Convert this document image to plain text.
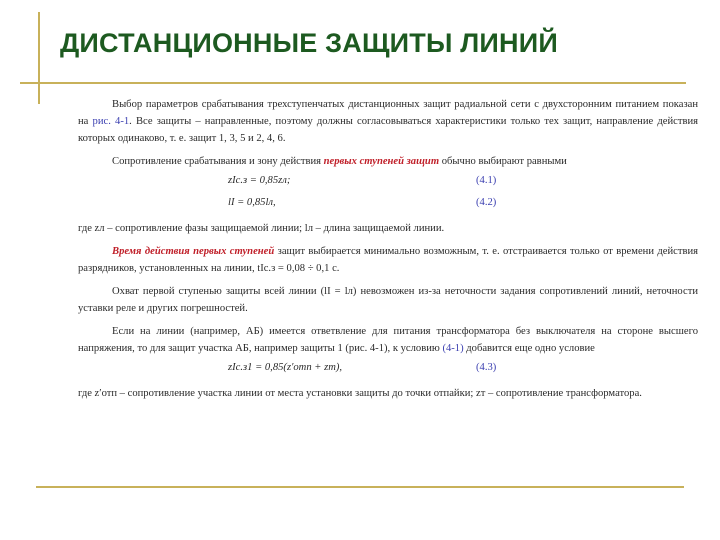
ДИСТАНЦИОННЫЕ ЗАЩИТЫ ЛИНИЙ
Выбор параметров срабатывания трехступенчатых дистанционных защит радиальной сети с двухсторонним питанием показан на рис. 4-1. Все защиты – направленные, поэтому должны согласовываться характеристики только тех защит, направление действия которых одинаково, т. е. защит 1, 3, 5 и 2, 4, 6.
Сопротивление срабатывания и зону действия первых ступеней защит обычно выбирают равными
zIс.з = 0,85zл;	(4.1)
lI = 0,85lл,	(4.2)
где zл – сопротивление фазы защищаемой линии; lл – длина защищаемой линии.
Время действия первых ступеней защит выбирается минимально возможным, т. е. отстраивается только от времени действия разрядников, установленных на линии, tIс.з = 0,08 ÷ 0,1 с.
Охват первой ступенью защиты всей линии (lI = lл) невозможен из-за неточности задания сопротивлений линий, неточности уставки реле и других погрешностей.
Если на линии (например, АБ) имеется ответвление для питания трансформатора без выключателя на стороне высшего напряжения, то для защит участка АБ, например защиты 1 (рис. 4-1), к условию (4-1) добавится еще одно условие
zIс.з1 = 0,85(z′отп + zт),	(4.3)
где z′отп – сопротивление участка линии от места установки защиты до точки отпайки; zт – сопротивление трансформатора.
